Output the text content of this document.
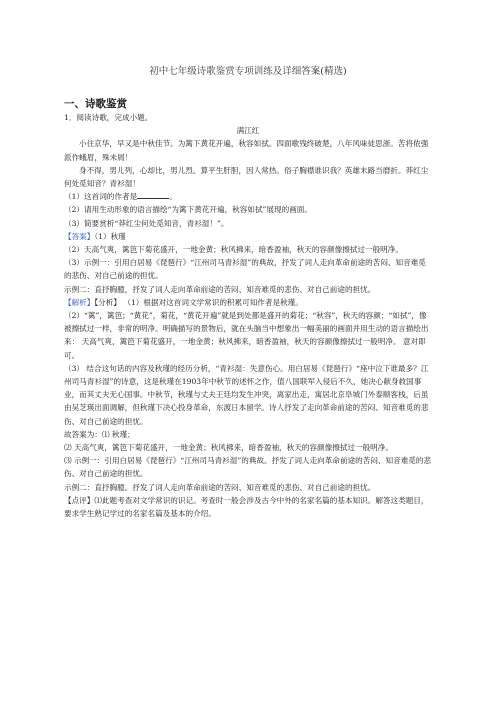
初中七年级诗歌鉴赏专项训练及详细答案(精选)
一、诗歌鉴赏

1．阅读诗歌，完成小题。

满江红

小住京华，早又是中秋佳节。为篱下黄花开遍，秋容如拭。四面歌残终破楚，八年风味徒思浙。苦将侬强派作蛾眉，殊未屑！

身不得，男儿列，心却比，男儿烈。算平生肝胆，因人常热。俗子胸襟谁识我？英雄末路当磨折。莽红尘何处觅知音？青衫湿！

（1）这首词的作者是	。

（2）请用生动形象的语言描绘“为篱下黄花开遍，秋容如拭”展现的画面。

（3）简要赏析“莽红尘何处觅知音，青衫湿！”。

【答案】（1）秋瑾

（2）天高气爽，篱笆下菊花盛开，一地金黄；秋风拂来，暗香盈袖，秋天的容颜像擦拭过一般明净。

（3）示例一：引用白居易《琵琶行》“江州司马青衫湿”的典故，抒发了词人走向革命前途的苦闷、知音难觅的悲伤、对自己前途的担忧。

示例二：直抒胸臆，抒发了词人走向革命前途的苦闷、知音难觅的悲伤、对自己前途的担忧。

【解析】【分析】 （1）根据对这首词文学常识的积累可知作者是秋瑾。

（2）“篱”，篱笆；“黄花”，菊花，“黄花开遍”就是到处都是盛开的菊花；“秋容”，秋天的容颜；“如拭”，像被擦拭过一样，非常的明净。明确描写的景物后，就在头脑当中想象出一幅美丽的画面并用生动的语言描绘出来： 天高气爽，篱笆下菊花盛开，一地金黄；秋风拂来，暗香盈袖，秋天的容颜像擦拭过一般明净。 意对即可。

（3） 结合这句话的内容及秋瑾的经历分析，“青衫湿：失意伤心。用白居易《琵琶行》“座中泣下谁最多？江州司马青衫湿”的诗意，这是秋瑾在1903年中秋节的述怀之作，值八国联军入侵后不久，她决心献身救国事业，而其丈夫无心国事。中秋节，秋瑾与丈夫王廷均发生冲突，离家出走，寓居北京阜城门外泰顺客栈，后虽由吴芝瑛出面调解，但秋瑾下决心投身革命，东渡日本留学。诗人抒发了走向革命前途的苦闷、知音难觅的悲伤、对自己前途的担忧。

故答案为：⑴ 秋瑾；

⑵ 天高气爽，篱笆下菊花盛开，一地金黄；秋风拂来，暗香盈袖，秋天的容颜像擦拭过一般明净。

⑶ 示例一：引用白居易《琵琶行》“江州司马青衫湿”的典故。抒发了词人走向革命前途的苦闷、知音难觅的悲伤、对自己前途的担忧。

示例二：直抒胸臆。抒发了词人走向革命前途的苦闷、知音难觅的悲伤、对自己前途的担忧。

【点评】⑴此题考查对文学常识的识记。考查时一般会涉及古今中外的名家名篇的基本知识。解答这类题目，要求学生熟记学过的名家名篇及基本的介绍。
